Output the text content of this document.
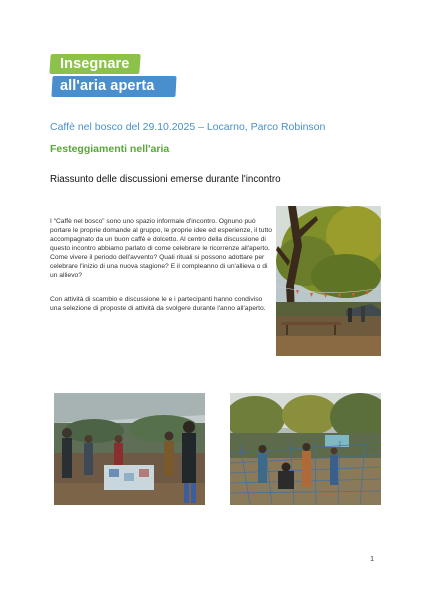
Insegnare
all'aria aperta
Caffè nel bosco del 29.10.2025 – Locarno, Parco Robinson
Festeggiamenti nell'aria
Riassunto delle discussioni emerse durante l'incontro

I “Caffè nel bosco” sono uno spazio informale d'incontro. Ognuno può portare le proprie domande al gruppo, le proprie idee ed esperienze, il tutto accompagnato da un buon caffè e dolcetto. Al centro della discussione di questo incontro abbiamo parlato di come celebrare le ricorrenze all'aperto. Come vivere il periodo dell'avvento? Quali rituali si possono adottare per celebrare l'inizio di una nuova stagione? E il compleanno di un'allieva o di un allievo?

Con attività di scambio e discussione le e i partecipanti hanno condiviso una selezione di proposte di attività da svolgere durante l'anno all'aperto.

1
